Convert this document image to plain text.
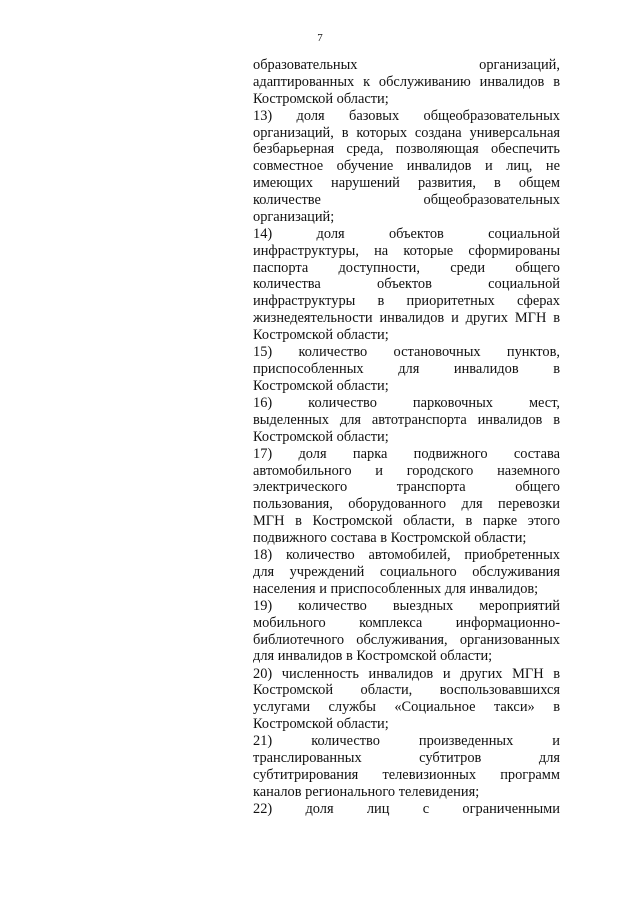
7
образовательных организаций,
адаптированных к обслуживанию инвалидов в
Костромской области;
13) доля базовых общеобразовательных
организаций, в которых создана универсальная
безбарьерная среда, позволяющая обеспечить
совместное обучение инвалидов и лиц, не
имеющих нарушений развития, в общем
количестве общеобразовательных
организаций;
14) доля объектов социальной
инфраструктуры, на которые сформированы
паспорта доступности, среди общего
количества объектов социальной
инфраструктуры в приоритетных сферах
жизнедеятельности инвалидов и других МГН в
Костромской области;
15) количество остановочных пунктов,
приспособленных для инвалидов в
Костромской области;
16) количество парковочных мест,
выделенных для автотранспорта инвалидов в
Костромской области;
17) доля парка подвижного состава
автомобильного и городского наземного
электрического транспорта общего
пользования, оборудованного для перевозки
МГН в Костромской области, в парке этого
подвижного состава в Костромской области;
18) количество автомобилей, приобретенных
для учреждений социального обслуживания
населения и приспособленных для инвалидов;
19) количество выездных мероприятий
мобильного комплекса информационно-
библиотечного обслуживания, организованных
для инвалидов в Костромской области;
20) численность инвалидов и других МГН в
Костромской области, воспользовавшихся
услугами службы «Социальное такси» в
Костромской области;
21) количество произведенных и
транслированных субтитров для
субтитрирования телевизионных программ
каналов регионального телевидения;
22) доля лиц с ограниченными
